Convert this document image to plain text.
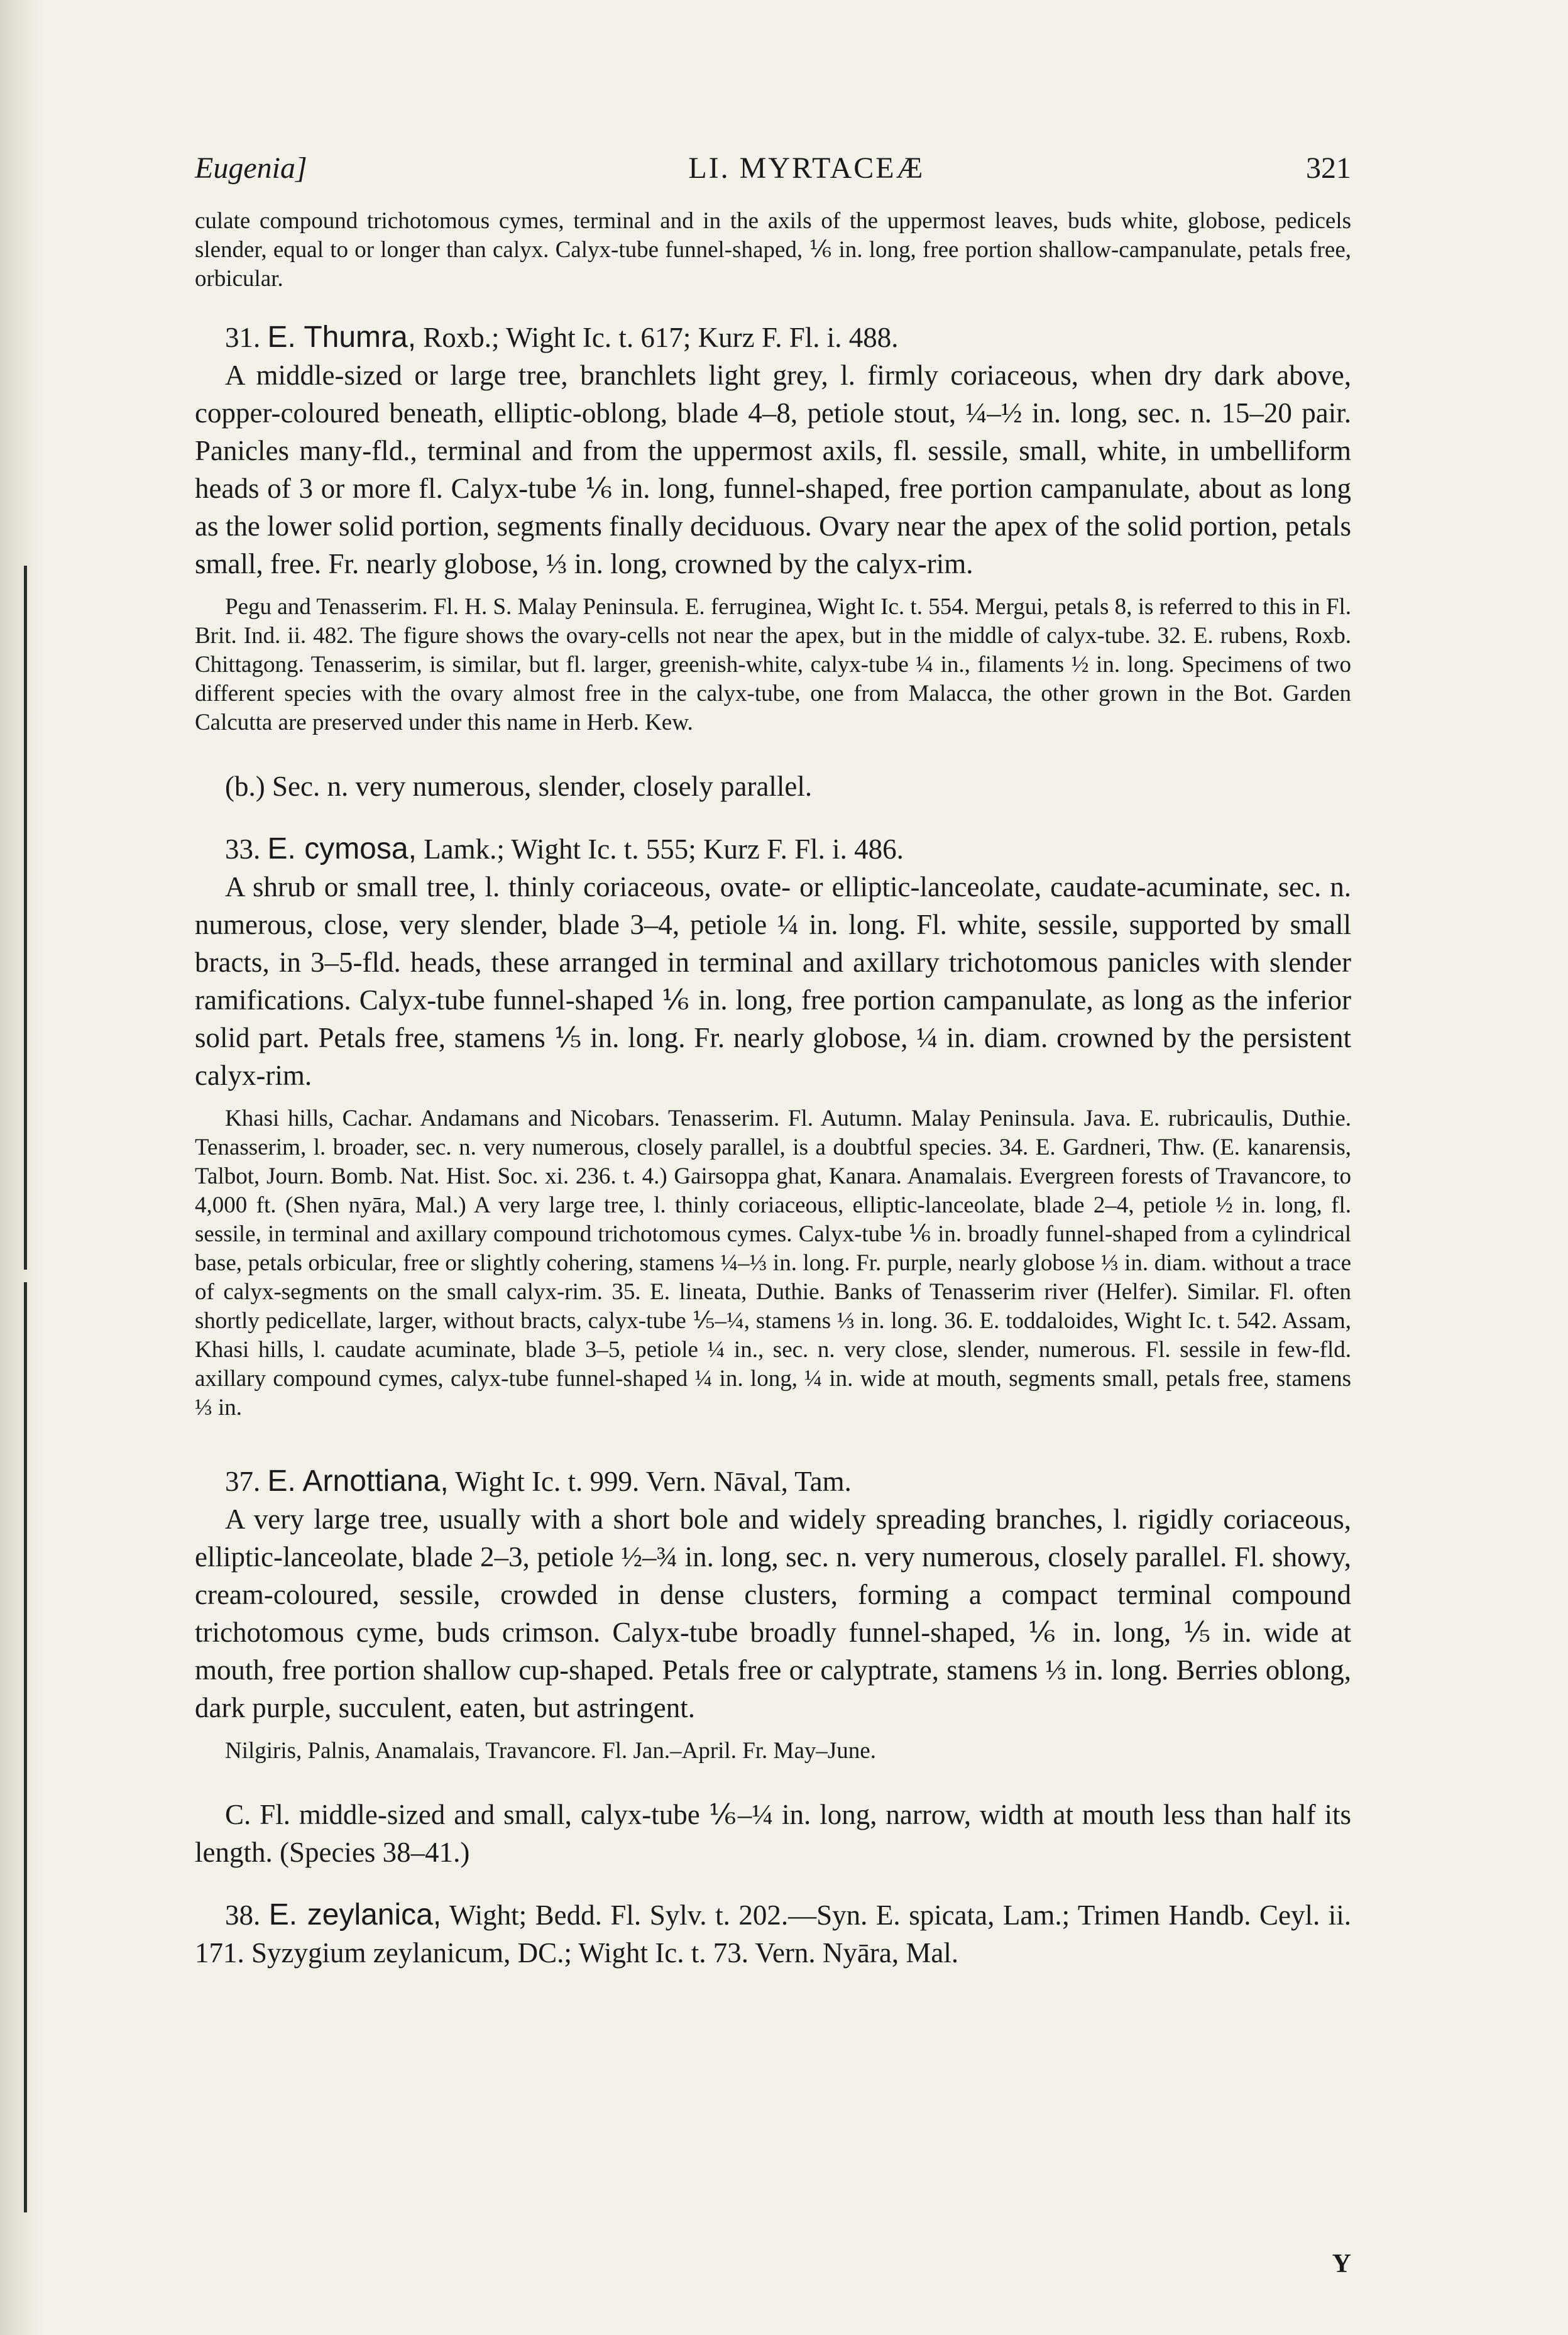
Eugenia]	LI. MYRTACEÆ	321

culate compound trichotomous cymes, terminal and in the axils of the uppermost leaves, buds white, globose, pedicels slender, equal to or longer than calyx. Calyx-tube funnel-shaped, ⅙ in. long, free portion shallow-campanulate, petals free, orbicular.

31. E. Thumra, Roxb.; Wight Ic. t. 617; Kurz F. Fl. i. 488.

A middle-sized or large tree, branchlets light grey, l. firmly coriaceous, when dry dark above, copper-coloured beneath, elliptic-oblong, blade 4–8, petiole stout, ¼–½ in. long, sec. n. 15–20 pair. Panicles many-fld., terminal and from the uppermost axils, fl. sessile, small, white, in umbelliform heads of 3 or more fl. Calyx-tube ⅙ in. long, funnel-shaped, free portion campanulate, about as long as the lower solid portion, segments finally deciduous. Ovary near the apex of the solid portion, petals small, free. Fr. nearly globose, ⅓ in. long, crowned by the calyx-rim.

Pegu and Tenasserim. Fl. H. S. Malay Peninsula. E. ferruginea, Wight Ic. t. 554. Mergui, petals 8, is referred to this in Fl. Brit. Ind. ii. 482. The figure shows the ovary-cells not near the apex, but in the middle of calyx-tube. 32. E. rubens, Roxb. Chittagong. Tenasserim, is similar, but fl. larger, greenish-white, calyx-tube ¼ in., filaments ½ in. long. Specimens of two different species with the ovary almost free in the calyx-tube, one from Malacca, the other grown in the Bot. Garden Calcutta are preserved under this name in Herb. Kew.

(b.) Sec. n. very numerous, slender, closely parallel.

33. E. cymosa, Lamk.; Wight Ic. t. 555; Kurz F. Fl. i. 486.

A shrub or small tree, l. thinly coriaceous, ovate- or elliptic-lanceolate, caudate-acuminate, sec. n. numerous, close, very slender, blade 3–4, petiole ¼ in. long. Fl. white, sessile, supported by small bracts, in 3–5-fld. heads, these arranged in terminal and axillary trichotomous panicles with slender ramifications. Calyx-tube funnel-shaped ⅙ in. long, free portion campanulate, as long as the inferior solid part. Petals free, stamens ⅕ in. long. Fr. nearly globose, ¼ in. diam. crowned by the persistent calyx-rim.

Khasi hills, Cachar. Andamans and Nicobars. Tenasserim. Fl. Autumn. Malay Peninsula. Java. E. rubricaulis, Duthie. Tenasserim, l. broader, sec. n. very numerous, closely parallel, is a doubtful species. 34. E. Gardneri, Thw. (E. kanarensis, Talbot, Journ. Bomb. Nat. Hist. Soc. xi. 236. t. 4.) Gairsoppa ghat, Kanara. Anamalais. Evergreen forests of Travancore, to 4,000 ft. (Shen nyāra, Mal.) A very large tree, l. thinly coriaceous, elliptic-lanceolate, blade 2–4, petiole ½ in. long, fl. sessile, in terminal and axillary compound trichotomous cymes. Calyx-tube ⅙ in. broadly funnel-shaped from a cylindrical base, petals orbicular, free or slightly cohering, stamens ¼–⅓ in. long. Fr. purple, nearly globose ⅓ in. diam. without a trace of calyx-segments on the small calyx-rim. 35. E. lineata, Duthie. Banks of Tenasserim river (Helfer). Similar. Fl. often shortly pedicellate, larger, without bracts, calyx-tube ⅕–¼, stamens ⅓ in. long. 36. E. toddaloides, Wight Ic. t. 542. Assam, Khasi hills, l. caudate acuminate, blade 3–5, petiole ¼ in., sec. n. very close, slender, numerous. Fl. sessile in few-fld. axillary compound cymes, calyx-tube funnel-shaped ¼ in. long, ¼ in. wide at mouth, segments small, petals free, stamens ⅓ in.

37. E. Arnottiana, Wight Ic. t. 999. Vern. Nāval, Tam.

A very large tree, usually with a short bole and widely spreading branches, l. rigidly coriaceous, elliptic-lanceolate, blade 2–3, petiole ½–¾ in. long, sec. n. very numerous, closely parallel. Fl. showy, cream-coloured, sessile, crowded in dense clusters, forming a compact terminal compound trichotomous cyme, buds crimson. Calyx-tube broadly funnel-shaped, ⅙ in. long, ⅕ in. wide at mouth, free portion shallow cup-shaped. Petals free or calyptrate, stamens ⅓ in. long. Berries oblong, dark purple, succulent, eaten, but astringent.

Nilgiris, Palnis, Anamalais, Travancore. Fl. Jan.–April. Fr. May–June.

C. Fl. middle-sized and small, calyx-tube ⅙–¼ in. long, narrow, width at mouth less than half its length. (Species 38–41.)

38. E. zeylanica, Wight; Bedd. Fl. Sylv. t. 202.—Syn. E. spicata, Lam.; Trimen Handb. Ceyl. ii. 171. Syzygium zeylanicum, DC.; Wight Ic. t. 73. Vern. Nyāra, Mal.

Y
